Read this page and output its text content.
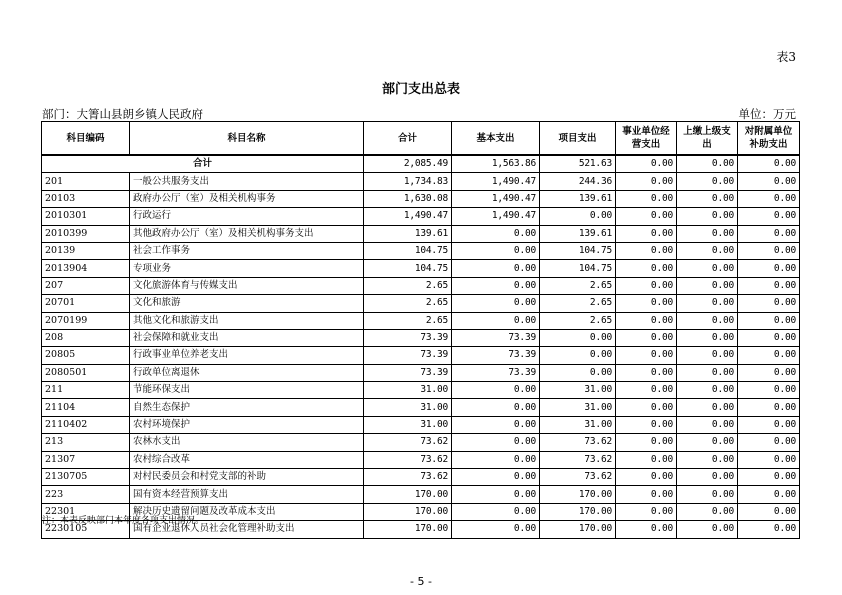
表3
部门支出总表
部门：大箐山县朗乡镇人民政府	单位：万元
科目编码	科目名称	合计	基本支出	项目支出	事业单位经营支出	上缴上级支出	对附属单位补助支出
合计		2,085.49	1,563.86	521.63	0.00	0.00	0.00
201	一般公共服务支出	1,734.83	1,490.47	244.36	0.00	0.00	0.00
20103	政府办公厅（室）及相关机构事务	1,630.08	1,490.47	139.61	0.00	0.00	0.00
2010301	行政运行	1,490.47	1,490.47	0.00	0.00	0.00	0.00
2010399	其他政府办公厅（室）及相关机构事务支出	139.61	0.00	139.61	0.00	0.00	0.00
20139	社会工作事务	104.75	0.00	104.75	0.00	0.00	0.00
2013904	专项业务	104.75	0.00	104.75	0.00	0.00	0.00
207	文化旅游体育与传媒支出	2.65	0.00	2.65	0.00	0.00	0.00
20701	文化和旅游	2.65	0.00	2.65	0.00	0.00	0.00
2070199	其他文化和旅游支出	2.65	0.00	2.65	0.00	0.00	0.00
208	社会保障和就业支出	73.39	73.39	0.00	0.00	0.00	0.00
20805	行政事业单位养老支出	73.39	73.39	0.00	0.00	0.00	0.00
2080501	行政单位离退休	73.39	73.39	0.00	0.00	0.00	0.00
211	节能环保支出	31.00	0.00	31.00	0.00	0.00	0.00
21104	自然生态保护	31.00	0.00	31.00	0.00	0.00	0.00
2110402	农村环境保护	31.00	0.00	31.00	0.00	0.00	0.00
213	农林水支出	73.62	0.00	73.62	0.00	0.00	0.00
21307	农村综合改革	73.62	0.00	73.62	0.00	0.00	0.00
2130705	对村民委员会和村党支部的补助	73.62	0.00	73.62	0.00	0.00	0.00
223	国有资本经营预算支出	170.00	0.00	170.00	0.00	0.00	0.00
22301	解决历史遗留问题及改革成本支出	170.00	0.00	170.00	0.00	0.00	0.00
2230105	国有企业退休人员社会化管理补助支出	170.00	0.00	170.00	0.00	0.00	0.00
注：本表反映部门本年度各项支出情况。
- 5 -
